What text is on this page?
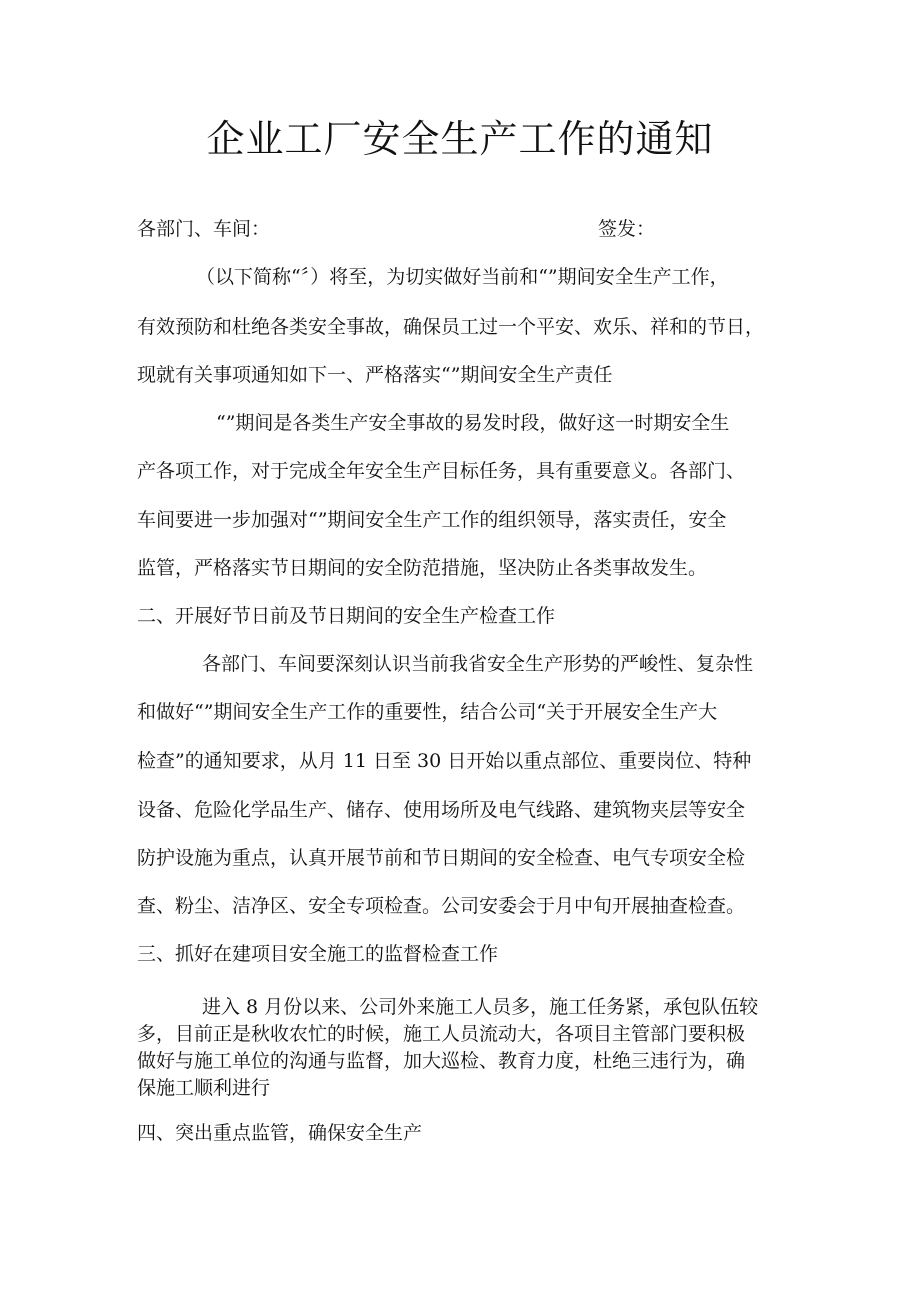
企业工厂安全生产工作的通知

各部门、车间：	签发：

（以下简称“〞）将至，为切实做好当前和“”期间安全生产工作，

有效预防和杜绝各类安全事故，确保员工过一个平安、欢乐、祥和的节日，

现就有关事项通知如下一、严格落实“”期间安全生产责任

“”期间是各类生产安全事故的易发时段，做好这一时期安全生

产各项工作，对于完成全年安全生产目标任务，具有重要意义。各部门、

车间要进一步加强对“”期间安全生产工作的组织领导，落实责任，安全

监管，严格落实节日期间的安全防范措施，坚决防止各类事故发生。

二、开展好节日前及节日期间的安全生产检查工作

各部门、车间要深刻认识当前我省安全生产形势的严峻性、复杂性

和做好“”期间安全生产工作的重要性，结合公司“关于开展安全生产大

检查”的通知要求，从月 11 日至 30 日开始以重点部位、重要岗位、特种

设备、危险化学品生产、储存、使用场所及电气线路、建筑物夹层等安全

防护设施为重点，认真开展节前和节日期间的安全检查、电气专项安全检

查、粉尘、洁净区、安全专项检查。公司安委会于月中旬开展抽查检查。

三、抓好在建项目安全施工的监督检查工作

进入 8 月份以来、公司外来施工人员多，施工任务紧，承包队伍较

多，目前正是秋收农忙的时候，施工人员流动大，各项目主管部门要积极

做好与施工单位的沟通与监督，加大巡检、教育力度，杜绝三违行为，确

保施工顺利进行

四、突出重点监管，确保安全生产
